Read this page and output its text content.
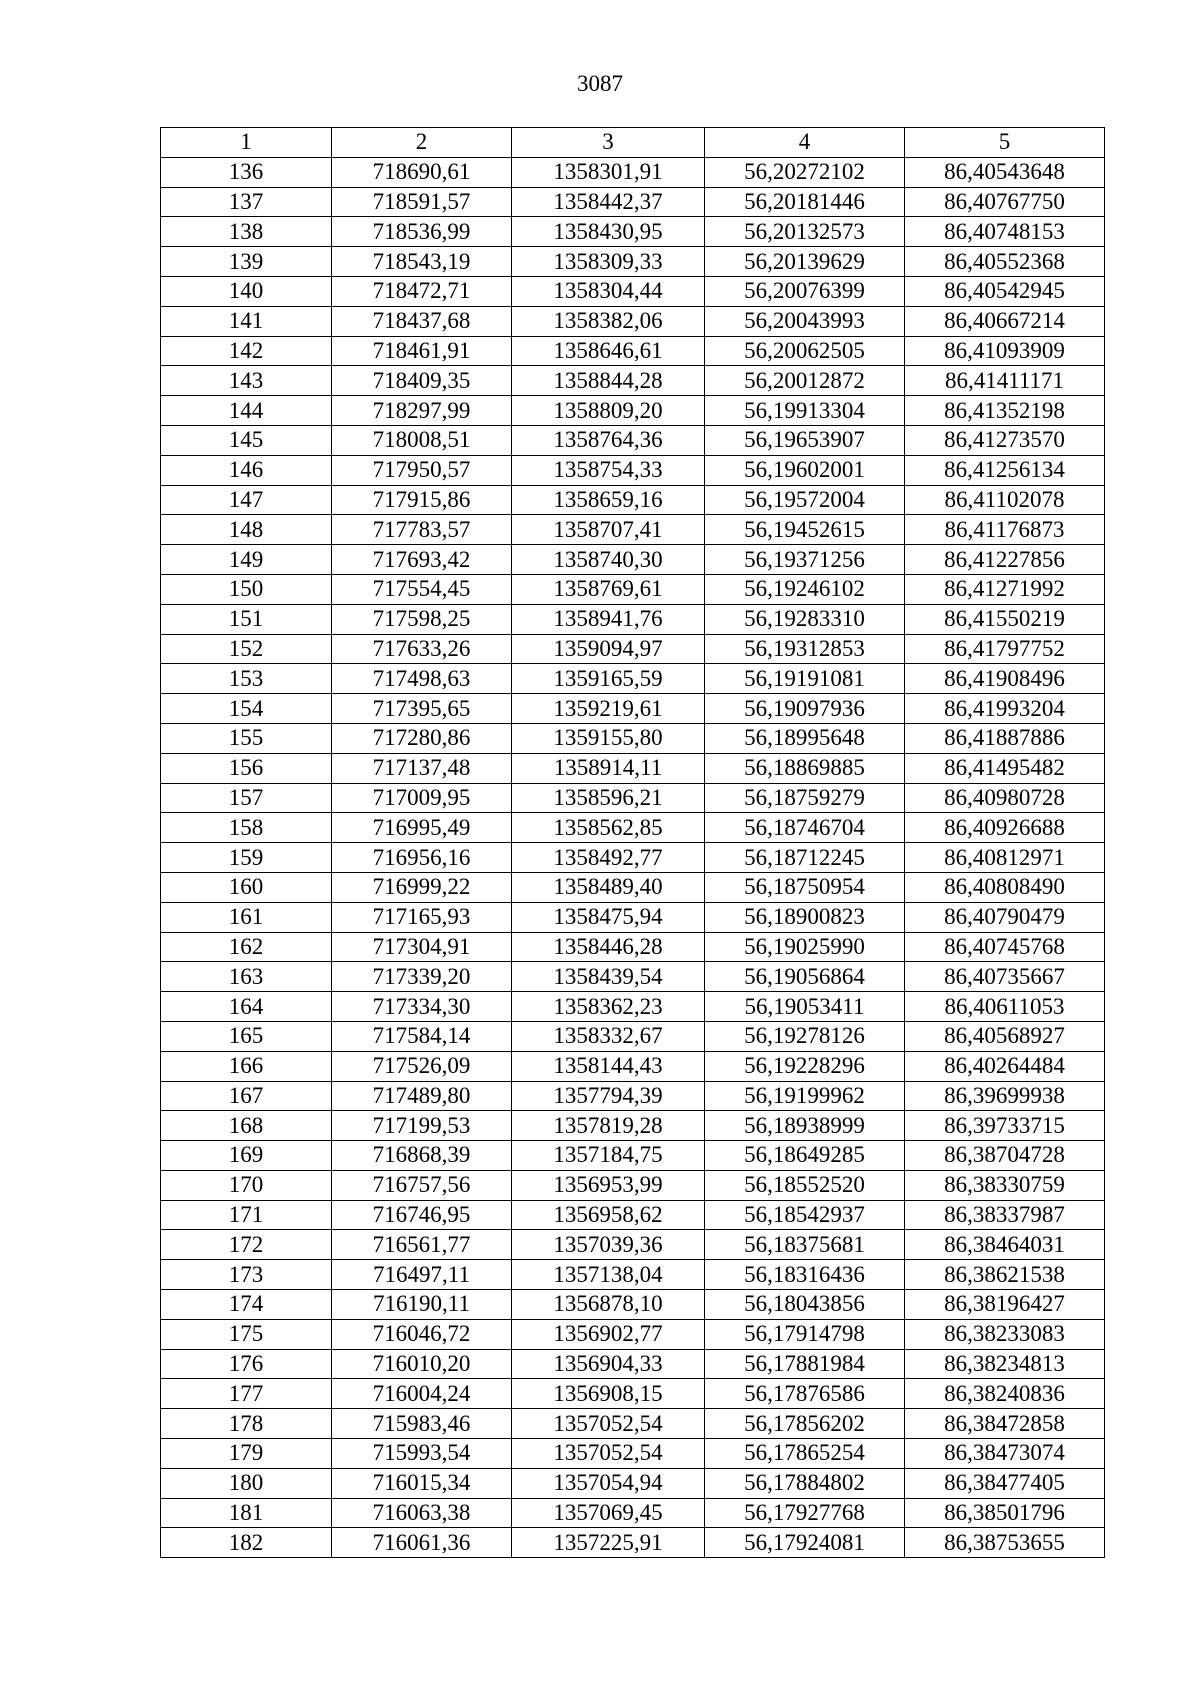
3087
1	2	3	4	5
136	718690,61	1358301,91	56,20272102	86,40543648
137	718591,57	1358442,37	56,20181446	86,40767750
138	718536,99	1358430,95	56,20132573	86,40748153
139	718543,19	1358309,33	56,20139629	86,40552368
140	718472,71	1358304,44	56,20076399	86,40542945
141	718437,68	1358382,06	56,20043993	86,40667214
142	718461,91	1358646,61	56,20062505	86,41093909
143	718409,35	1358844,28	56,20012872	86,41411171
144	718297,99	1358809,20	56,19913304	86,41352198
145	718008,51	1358764,36	56,19653907	86,41273570
146	717950,57	1358754,33	56,19602001	86,41256134
147	717915,86	1358659,16	56,19572004	86,41102078
148	717783,57	1358707,41	56,19452615	86,41176873
149	717693,42	1358740,30	56,19371256	86,41227856
150	717554,45	1358769,61	56,19246102	86,41271992
151	717598,25	1358941,76	56,19283310	86,41550219
152	717633,26	1359094,97	56,19312853	86,41797752
153	717498,63	1359165,59	56,19191081	86,41908496
154	717395,65	1359219,61	56,19097936	86,41993204
155	717280,86	1359155,80	56,18995648	86,41887886
156	717137,48	1358914,11	56,18869885	86,41495482
157	717009,95	1358596,21	56,18759279	86,40980728
158	716995,49	1358562,85	56,18746704	86,40926688
159	716956,16	1358492,77	56,18712245	86,40812971
160	716999,22	1358489,40	56,18750954	86,40808490
161	717165,93	1358475,94	56,18900823	86,40790479
162	717304,91	1358446,28	56,19025990	86,40745768
163	717339,20	1358439,54	56,19056864	86,40735667
164	717334,30	1358362,23	56,19053411	86,40611053
165	717584,14	1358332,67	56,19278126	86,40568927
166	717526,09	1358144,43	56,19228296	86,40264484
167	717489,80	1357794,39	56,19199962	86,39699938
168	717199,53	1357819,28	56,18938999	86,39733715
169	716868,39	1357184,75	56,18649285	86,38704728
170	716757,56	1356953,99	56,18552520	86,38330759
171	716746,95	1356958,62	56,18542937	86,38337987
172	716561,77	1357039,36	56,18375681	86,38464031
173	716497,11	1357138,04	56,18316436	86,38621538
174	716190,11	1356878,10	56,18043856	86,38196427
175	716046,72	1356902,77	56,17914798	86,38233083
176	716010,20	1356904,33	56,17881984	86,38234813
177	716004,24	1356908,15	56,17876586	86,38240836
178	715983,46	1357052,54	56,17856202	86,38472858
179	715993,54	1357052,54	56,17865254	86,38473074
180	716015,34	1357054,94	56,17884802	86,38477405
181	716063,38	1357069,45	56,17927768	86,38501796
182	716061,36	1357225,91	56,17924081	86,38753655
